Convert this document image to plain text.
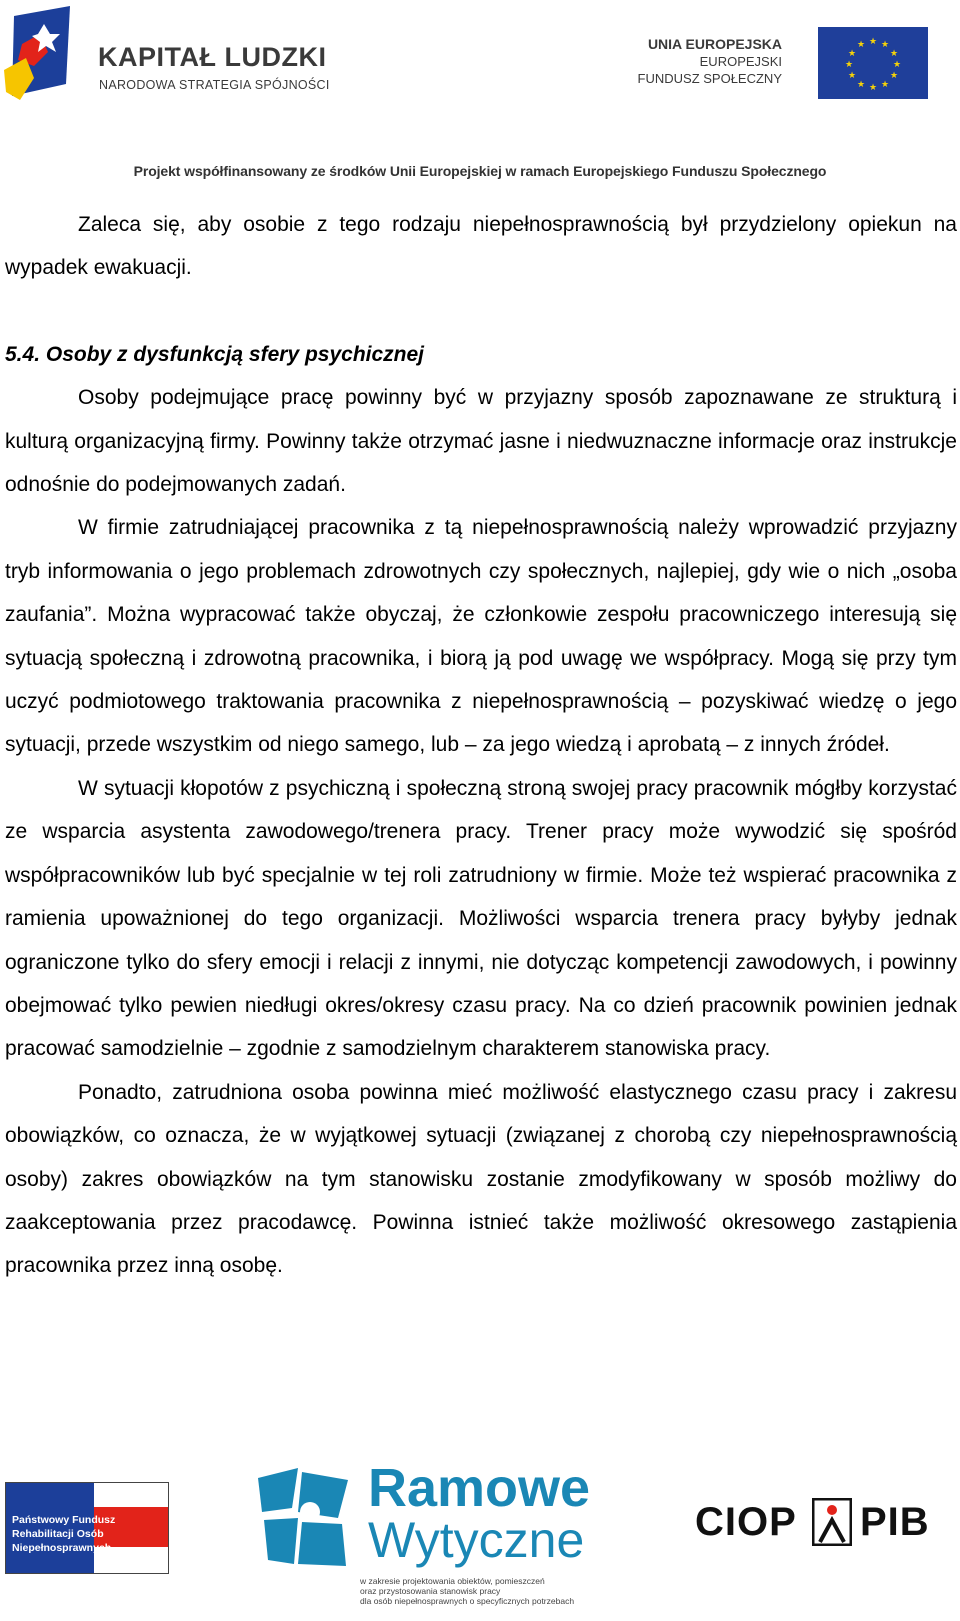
KAPITAŁ LUDZKI
NARODOWA STRATEGIA SPÓJNOŚCI
UNIA EUROPEJSKA
EUROPEJSKI
FUNDUSZ SPOŁECZNY
★ ★
★
★
★
★
★
★
★
★
★
★
Projekt współfinansowany ze środków Unii Europejskiej w ramach Europejskiego Funduszu Społecznego

Zaleca się, aby osobie z tego rodzaju niepełnosprawnością był przydzielony opiekun na wypadek ewakuacji.

5.4. Osoby z dysfunkcją sfery psychicznej

Osoby podejmujące pracę powinny być w przyjazny sposób zapoznawane ze strukturą i kulturą organizacyjną firmy. Powinny także otrzymać jasne i niedwuznaczne informacje oraz instrukcje odnośnie do podejmowanych zadań.

W firmie zatrudniającej pracownika z tą niepełnosprawnością należy wprowadzić przyjazny tryb informowania o jego problemach zdrowotnych czy społecznych, najlepiej, gdy wie o nich „osoba zaufania”. Można wypracować także obyczaj, że członkowie zespołu pracowniczego interesują się sytuacją społeczną i zdrowotną pracownika, i biorą ją pod uwagę we współpracy. Mogą się przy tym uczyć podmiotowego traktowania pracownika z niepełnosprawnością – pozyskiwać wiedzę o jego sytuacji, przede wszystkim od niego samego, lub – za jego wiedzą i aprobatą – z innych źródeł.

W sytuacji kłopotów z psychiczną i społeczną stroną swojej pracy pracownik mógłby korzystać ze wsparcia asystenta zawodowego/trenera pracy. Trener pracy może wywodzić się spośród współpracowników lub być specjalnie w tej roli zatrudniony w firmie. Może też wspierać pracownika z ramienia upoważnionej do tego organizacji. Możliwości wsparcia trenera pracy byłyby jednak ograniczone tylko do sfery emocji i relacji z innymi, nie dotycząc kompetencji zawodowych, i powinny obejmować tylko pewien niedługi okres/okresy czasu pracy. Na co dzień pracownik powinien jednak pracować samodzielnie – zgodnie z samodzielnym charakterem stanowiska pracy.

Ponadto, zatrudniona osoba powinna mieć możliwość elastycznego czasu pracy i zakresu obowiązków, co oznacza, że w wyjątkowej sytuacji (związanej z chorobą czy niepełnosprawnością osoby) zakres obowiązków na tym stanowisku zostanie zmodyfikowany w sposób możliwy do zaakceptowania przez pracodawcę. Powinna istnieć także możliwość okresowego zastąpienia pracownika przez inną osobę.

Państwowy Fundusz
Rehabilitacji Osób
Niepełnosprawnych
Ramowe
Wytyczne
w zakresie projektowania obiektów, pomieszczeń
oraz przystosowania stanowisk pracy
dla osób niepełnosprawnych o specyficznych potrzebach
CIOP PIB
